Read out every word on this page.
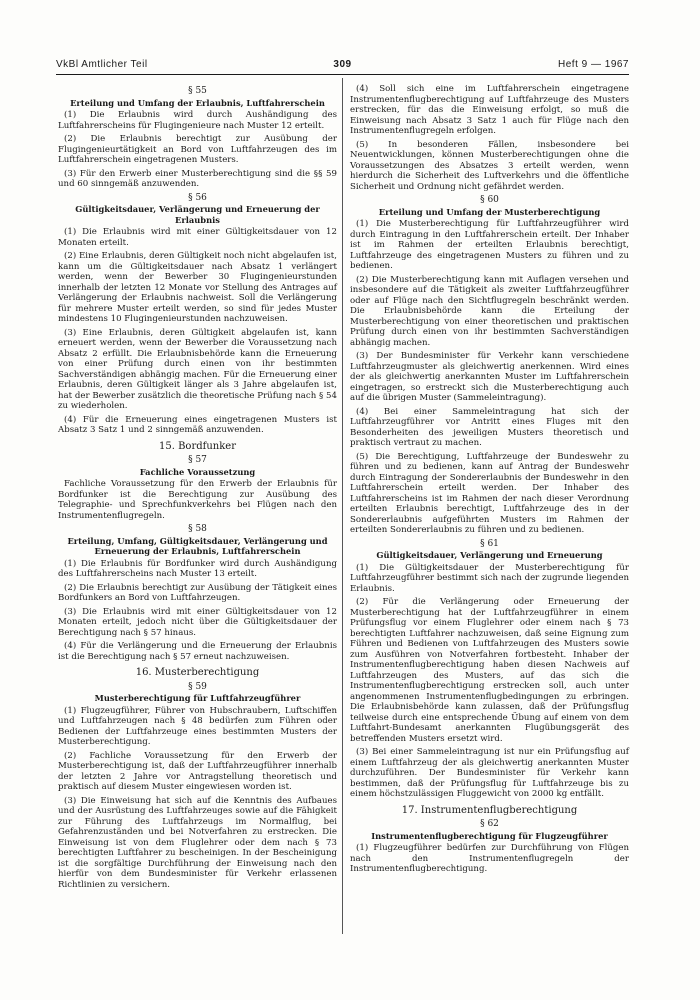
VkBl Amtlicher Teil	309	Heft 9 — 1967

§ 55

Erteilung und Umfang der Erlaubnis, Luftfahrerschein

(1) Die Erlaubnis wird durch Aushändigung des Luftfahrerscheins für Flugingenieure nach Muster 12 erteilt.

(2) Die Erlaubnis berechtigt zur Ausübung der Flugingenieurtätigkeit an Bord von Luftfahrzeugen des im Luftfahrerschein eingetragenen Musters.

(3) Für den Erwerb einer Musterberechtigung sind die §§ 59 und 60 sinngemäß anzuwenden.

§ 56

Gültigkeitsdauer, Verlängerung und Erneuerung der Erlaubnis

(1) Die Erlaubnis wird mit einer Gültigkeitsdauer von 12 Monaten erteilt.

(2) Eine Erlaubnis, deren Gültigkeit noch nicht abgelaufen ist, kann um die Gültigkeitsdauer nach Absatz 1 verlängert werden, wenn der Bewerber 30 Flugingenieurstunden innerhalb der letzten 12 Monate vor Stellung des Antrages auf Verlängerung der Erlaubnis nachweist. Soll die Verlängerung für mehrere Muster erteilt werden, so sind für jedes Muster mindestens 10 Flugingenieurstunden nachzuweisen.

(3) Eine Erlaubnis, deren Gültigkeit abgelaufen ist, kann erneuert werden, wenn der Bewerber die Voraussetzung nach Absatz 2 erfüllt. Die Erlaubnisbehörde kann die Erneuerung von einer Prüfung durch einen von ihr bestimmten Sachverständigen abhängig machen. Für die Erneuerung einer Erlaubnis, deren Gültigkeit länger als 3 Jahre abgelaufen ist, hat der Bewerber zusätzlich die theoretische Prüfung nach § 54 zu wiederholen.

(4) Für die Erneuerung eines eingetragenen Musters ist Absatz 3 Satz 1 und 2 sinngemäß anzuwenden.

15. Bordfunker

§ 57

Fachliche Voraussetzung

Fachliche Voraussetzung für den Erwerb der Erlaubnis für Bordfunker ist die Berechtigung zur Ausübung des Telegraphie- und Sprechfunkverkehrs bei Flügen nach den Instrumentenflugregeln.

§ 58

Erteilung, Umfang, Gültigkeitsdauer, Verlängerung und Erneuerung der Erlaubnis, Luftfahrerschein

(1) Die Erlaubnis für Bordfunker wird durch Aushändigung des Luftfahrerscheins nach Muster 13 erteilt.

(2) Die Erlaubnis berechtigt zur Ausübung der Tätigkeit eines Bordfunkers an Bord von Luftfahrzeugen.

(3) Die Erlaubnis wird mit einer Gültigkeitsdauer von 12 Monaten erteilt, jedoch nicht über die Gültigkeitsdauer der Berechtigung nach § 57 hinaus.

(4) Für die Verlängerung und die Erneuerung der Erlaubnis ist die Berechtigung nach § 57 erneut nachzuweisen.

16. Musterberechtigung

§ 59

Musterberechtigung für Luftfahrzeugführer

(1) Flugzeugführer, Führer von Hubschraubern, Luftschiffen und Luftfahrzeugen nach § 48 bedürfen zum Führen oder Bedienen der Luftfahrzeuge eines bestimmten Musters der Musterberechtigung.

(2) Fachliche Voraussetzung für den Erwerb der Musterberechtigung ist, daß der Luftfahrzeugführer innerhalb der letzten 2 Jahre vor Antragstellung theoretisch und praktisch auf diesem Muster eingewiesen worden ist.

(3) Die Einweisung hat sich auf die Kenntnis des Aufbaues und der Ausrüstung des Luftfahrzeuges sowie auf die Fähigkeit zur Führung des Luftfahrzeugs im Normalflug, bei Gefahrenzuständen und bei Notverfahren zu erstrecken. Die Einweisung ist von dem Fluglehrer oder dem nach § 73 berechtigten Luftfahrer zu bescheinigen. In der Bescheinigung ist die sorgfältige Durchführung der Einweisung nach den hierfür von dem Bundesminister für Verkehr erlassenen Richtlinien zu versichern.

(4) Soll sich eine im Luftfahrerschein eingetragene Instrumentenflugberechtigung auf Luftfahrzeuge des Musters erstrecken, für das die Einweisung erfolgt, so muß die Einweisung nach Absatz 3 Satz 1 auch für Flüge nach den Instrumentenflugregeln erfolgen.

(5) In besonderen Fällen, insbesondere bei Neuentwicklungen, können Musterberechtigungen ohne die Voraussetzungen des Absatzes 3 erteilt werden, wenn hierdurch die Sicherheit des Luftverkehrs und die öffentliche Sicherheit und Ordnung nicht gefährdet werden.

§ 60

Erteilung und Umfang der Musterberechtigung

(1) Die Musterberechtigung für Luftfahrzeugführer wird durch Eintragung in den Luftfahrerschein erteilt. Der Inhaber ist im Rahmen der erteilten Erlaubnis berechtigt, Luftfahrzeuge des eingetragenen Musters zu führen und zu bedienen.

(2) Die Musterberechtigung kann mit Auflagen versehen und insbesondere auf die Tätigkeit als zweiter Luftfahrzeugführer oder auf Flüge nach den Sichtflugregeln beschränkt werden. Die Erlaubnisbehörde kann die Erteilung der Musterberechtigung von einer theoretischen und praktischen Prüfung durch einen von ihr bestimmten Sachverständigen abhängig machen.

(3) Der Bundesminister für Verkehr kann verschiedene Luftfahrzeugmuster als gleichwertig anerkennen. Wird eines der als gleichwertig anerkannten Muster im Luftfahrerschein eingetragen, so erstreckt sich die Musterberechtigung auch auf die übrigen Muster (Sammeleintragung).

(4) Bei einer Sammeleintragung hat sich der Luftfahrzeugführer vor Antritt eines Fluges mit den Besonderheiten des jeweiligen Musters theoretisch und praktisch vertraut zu machen.

(5) Die Berechtigung, Luftfahrzeuge der Bundeswehr zu führen und zu bedienen, kann auf Antrag der Bundeswehr durch Eintragung der Sondererlaubnis der Bundeswehr in den Luftfahrerschein erteilt werden. Der Inhaber des Luftfahrerscheins ist im Rahmen der nach dieser Verordnung erteilten Erlaubnis berechtigt, Luftfahrzeuge des in der Sondererlaubnis aufgeführten Musters im Rahmen der erteilten Sondererlaubnis zu führen und zu bedienen.

§ 61

Gültigkeitsdauer, Verlängerung und Erneuerung

(1) Die Gültigkeitsdauer der Musterberechtigung für Luftfahrzeugführer bestimmt sich nach der zugrunde liegenden Erlaubnis.

(2) Für die Verlängerung oder Erneuerung der Musterberechtigung hat der Luftfahrzeugführer in einem Prüfungsflug vor einem Fluglehrer oder einem nach § 73 berechtigten Luftfahrer nachzuweisen, daß seine Eignung zum Führen und Bedienen von Luftfahrzeugen des Musters sowie zum Ausführen von Notverfahren fortbesteht. Inhaber der Instrumentenflugberechtigung haben diesen Nachweis auf Luftfahrzeugen des Musters, auf das sich die Instrumentenflugberechtigung erstrecken soll, auch unter angenommenen Instrumentenflugbedingungen zu erbringen. Die Erlaubnisbehörde kann zulassen, daß der Prüfungsflug teilweise durch eine entsprechende Übung auf einem von dem Luftfahrt-Bundesamt anerkannten Flugübungsgerät des betreffenden Musters ersetzt wird.

(3) Bei einer Sammeleintragung ist nur ein Prüfungsflug auf einem Luftfahrzeug der als gleichwertig anerkannten Muster durchzuführen. Der Bundesminister für Verkehr kann bestimmen, daß der Prüfungsflug für Luftfahrzeuge bis zu einem höchstzulässigen Fluggewicht von 2000 kg entfällt.

17. Instrumentenflugberechtigung

§ 62

Instrumentenflugberechtigung für Flugzeugführer

(1) Flugzeugführer bedürfen zur Durchführung von Flügen nach den Instrumentenflugregeln der Instrumentenflugberechtigung.
